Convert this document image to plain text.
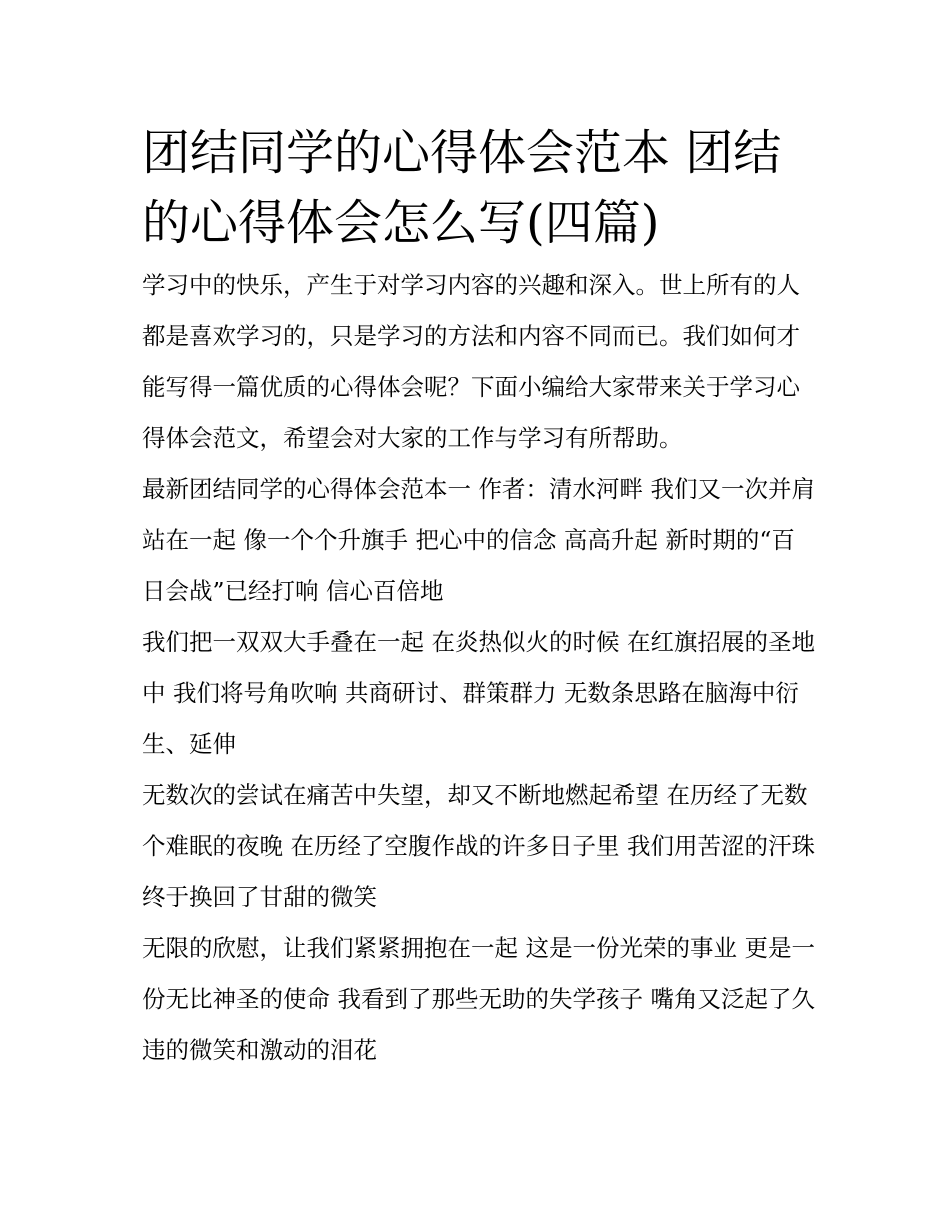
团结同学的心得体会范本 团结的心得体会怎么写(四篇)

学习中的快乐，产生于对学习内容的兴趣和深入。世上所有的人都是喜欢学习的，只是学习的方法和内容不同而已。我们如何才能写得一篇优质的心得体会呢？下面小编给大家带来关于学习心得体会范文，希望会对大家的工作与学习有所帮助。

最新团结同学的心得体会范本一 作者：清水河畔 我们又一次并肩站在一起 像一个个升旗手 把心中的信念 高高升起 新时期的“百日会战”已经打响 信心百倍地

我们把一双双大手叠在一起 在炎热似火的时候 在红旗招展的圣地中 我们将号角吹响 共商研讨、群策群力 无数条思路在脑海中衍生、延伸

无数次的尝试在痛苦中失望，却又不断地燃起希望 在历经了无数个难眠的夜晚 在历经了空腹作战的许多日子里 我们用苦涩的汗珠 终于换回了甘甜的微笑

无限的欣慰，让我们紧紧拥抱在一起 这是一份光荣的事业 更是一份无比神圣的使命 我看到了那些无助的失学孩子 嘴角又泛起了久违的微笑和激动的泪花
